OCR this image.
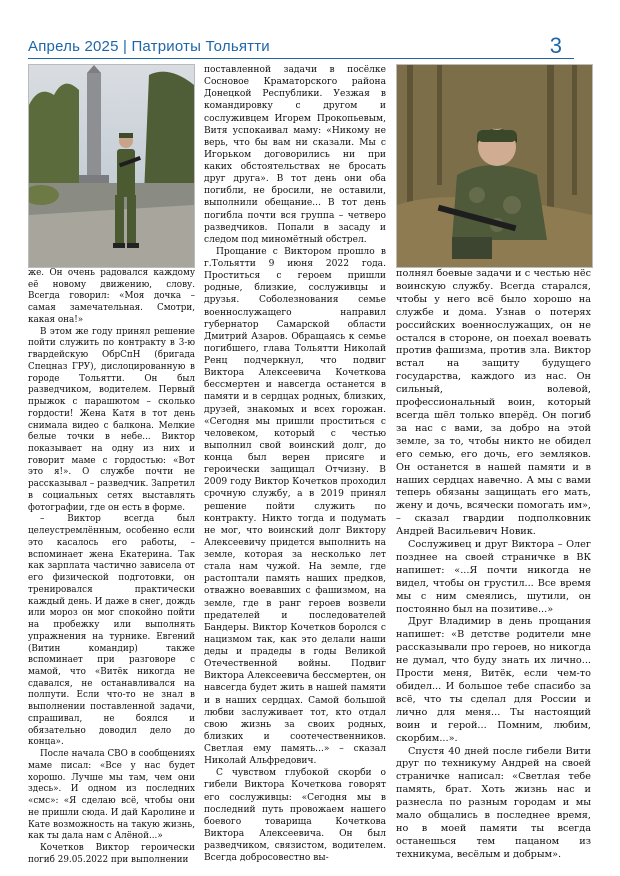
Апрель 2025 | Патриоты Тольятти	3

же. Он очень радовался каждому её новому движению, слову. Всегда говорил: «Моя дочка – самая замечательная. Смотри, какая она!»

В этом же году принял решение пойти служить по контракту в 3-ю гвардейскую ОбрСпН (бригада Спецназ ГРУ), дислоцированную в городе Тольятти. Он был разведчиком, водителем. Первый прыжок с парашютом – сколько гордости! Жена Катя в тот день снимала видео с балкона. Мелкие белые точки в небе... Виктор показывает на одну из них и говорит маме с гордостью: «Вот это я!». О службе почти не рассказывал – разведчик. Запретил в социальных сетях выставлять фотографии, где он есть в форме.

– Виктор всегда был целеустремлённым, особенно если это касалось его работы, – вспоминает жена Екатерина. Так как зарплата частично зависела от его физической подготовки, он тренировался практически каждый день. И даже в снег, дождь или мороз он мог спокойно пойти на пробежку или выполнять упражнения на турнике. Евгений (Витин командир) также вспоминает при разговоре с мамой, что «Витёк никогда не сдавался, не останавливался на полпути. Если что-то не знал в выполнении поставленной задачи, спрашивал, не боялся и обязательно доводил дело до конца».

После начала СВО в сообщениях маме писал: «Все у нас будет хорошо. Лучше мы там, чем они здесь». И одном из последних «смс»: «Я сделаю всё, чтобы они не пришли сюда. И дай Каролине и Кате возможность на такую жизнь, как ты дала нам с Алёной...»

Кочетков Виктор героически погиб 29.05.2022 при выполнении

поставленной задачи в посёлке Сосновое Краматорского района Донецкой Республики. Уезжая в командировку с другом и сослуживцем Игорем Прокопьевым, Витя успокаивал маму: «Никому не верь, что бы вам ни сказали. Мы с Игорьком договорились ни при каких обстоятельствах не бросать друг друга». В тот день они оба погибли, не бросили, не оставили, выполнили обещание... В тот день погибла почти вся группа – четверо разведчиков. Попали в засаду и следом под миномётный обстрел.

Прощание с Виктором прошло в г.Тольятти 9 июня 2022 года. Проститься с героем пришли родные, близкие, сослуживцы и друзья. Соболезнования семье военнослужащего направил губернатор Самарской области Дмитрий Азаров. Обращаясь к семье погибшего, глава Тольятти Николай Ренц подчеркнул, что подвиг Виктора Алексеевича Кочеткова бессмертен и навсегда останется в памяти и в сердцах родных, близких, друзей, знакомых и всех горожан. «Сегодня мы пришли проститься с человеком, который с честью выполнил свой воинский долг, до конца был верен присяге и героически защищал Отчизну. В 2009 году Виктор Кочетков проходил срочную службу, а в 2019 принял решение пойти служить по контракту. Никто тогда и подумать не мог, что воинский долг Виктору Алексеевичу придется выполнить на земле, которая за несколько лет стала нам чужой. На земле, где растоптали память наших предков, отважно воевавших с фашизмом, на земле, где в ранг героев возвели предателей и последователей Бандеры. Виктор Кочетков боролся с нацизмом так, как это делали наши деды и прадеды в годы Великой Отечественной войны. Подвиг Виктора Алексеевича бессмертен, он навсегда будет жить в нашей памяти и в наших сердцах. Самой большой любви заслуживает тот, кто отдал свою жизнь за своих родных, близких и соотечественников. Светлая ему память...» – сказал Николай Альфредович.

С чувством глубокой скорби о гибели Виктора Кочеткова говорят его сослуживцы: «Сегодня мы в последний путь провожаем нашего боевого товарища Кочеткова Виктора Алексеевича. Он был разведчиком, связистом, водителем. Всегда добросовестно вы-

полнял боевые задачи и с честью нёс воинскую службу. Всегда старался, чтобы у него всё было хорошо на службе и дома. Узнав о потерях российских военнослужащих, он не остался в стороне, он поехал воевать против фашизма, против зла. Виктор встал на защиту будущего государства, каждого из нас. Он сильный, волевой, профессиональный воин, который всегда шёл только вперёд. Он погиб за нас с вами, за добро на этой земле, за то, чтобы никто не обидел его семью, его дочь, его земляков. Он останется в нашей памяти и в наших сердцах навечно. А мы с вами теперь обязаны защищать его мать, жену и дочь, всячески помогать им», – сказал гвардии подполковник Андрей Васильевич Новик.

Сослуживец и друг Виктора – Олег позднее на своей страничке в ВК напишет: «...Я почти никогда не видел, чтобы он грустил... Все время мы с ним смеялись, шутили, он постоянно был на позитиве...»

Друг Владимир в день прощания напишет: «В детстве родители мне рассказывали про героев, но никогда не думал, что буду знать их лично... Прости меня, Витёк, если чем-то обидел... И большое тебе спасибо за всё, что ты сделал для России и лично для меня... Ты настоящий воин и герой... Помним, любим, скорбим...».

Спустя 40 дней после гибели Вити друг по техникуму Андрей на своей страничке написал: «Светлая тебе память, брат. Хоть жизнь нас и разнесла по разным городам и мы мало общались в последнее время, но в моей памяти ты всегда останешься тем пацаном из техникума, весёлым и добрым».
